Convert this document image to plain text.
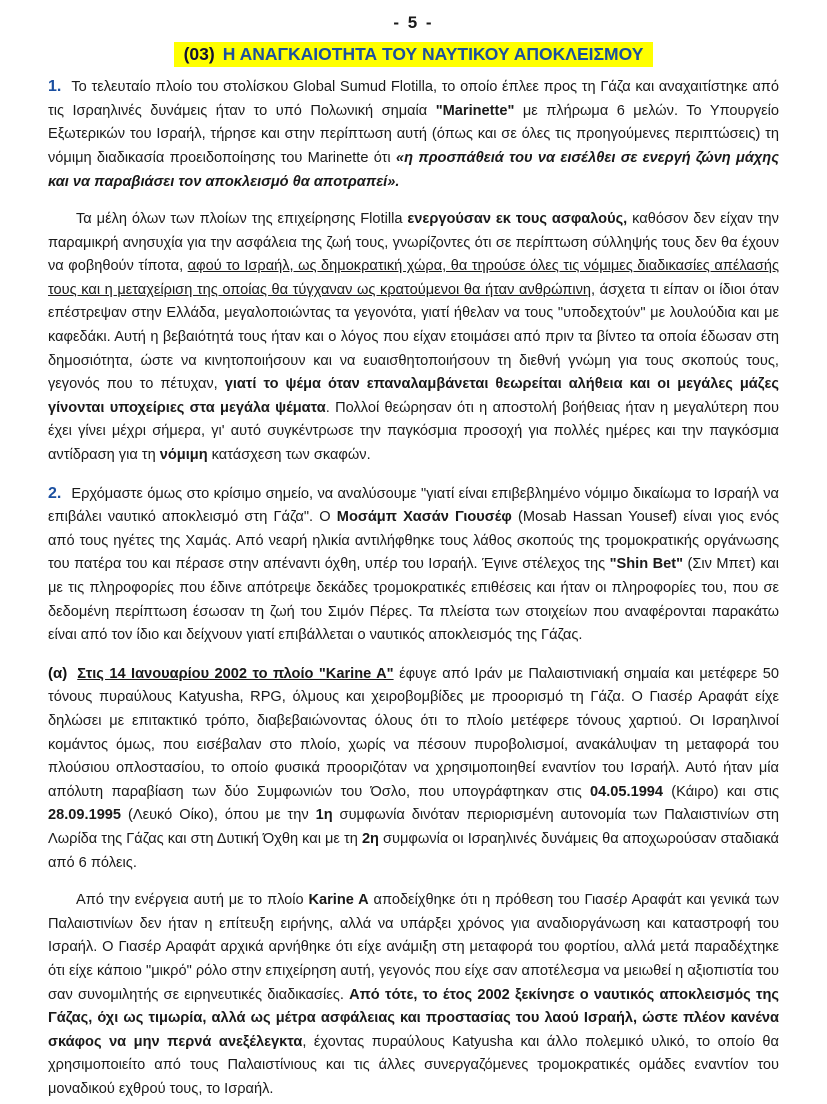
- 5 -
(03) Η ΑΝΑΓΚΑΙΟΤΗΤΑ ΤΟΥ ΝΑΥΤΙΚΟΥ ΑΠΟΚΛΕΙΣΜΟΥ

1. Το τελευταίο πλοίο του στολίσκου Global Sumud Flotilla, το οποίο έπλεε προς τη Γάζα και αναχαιτίστηκε από τις Ισραηλινές δυνάμεις ήταν το υπό Πολωνική σημαία "Marinette" με πλήρωμα 6 μελών. Το Υπουργείο Εξωτερικών του Ισραήλ, τήρησε και στην περίπτωση αυτή (όπως και σε όλες τις προηγούμενες περιπτώσεις) τη νόμιμη διαδικασία προειδοποίησης του Marinette ότι «η προσπάθειά του να εισέλθει σε ενεργή ζώνη μάχης και να παραβιάσει τον αποκλεισμό θα αποτραπεί».

Τα μέλη όλων των πλοίων της επιχείρησης Flotilla ενεργούσαν εκ τους ασφαλούς, καθόσον δεν είχαν την παραμικρή ανησυχία για την ασφάλεια της ζωή τους, γνωρίζοντες ότι σε περίπτωση σύλληψής τους δεν θα έχουν να φοβηθούν τίποτα, αφού το Ισραήλ, ως δημοκρατική χώρα, θα τηρούσε όλες τις νόμιμες διαδικασίες απέλασής τους και η μεταχείριση της οποίας θα τύγχαναν ως κρατούμενοι θα ήταν ανθρώπινη, άσχετα τι είπαν οι ίδιοι όταν επέστρεψαν στην Ελλάδα, μεγαλοποιώντας τα γεγονότα, γιατί ήθελαν να τους "υποδεχτούν" με λουλούδια και με καφεδάκι. Αυτή η βεβαιότητά τους ήταν και ο λόγος που είχαν ετοιμάσει από πριν τα βίντεο τα οποία έδωσαν στη δημοσιότητα, ώστε να κινητοποιήσουν και να ευαισθητοποιήσουν τη διεθνή γνώμη για τους σκοπούς τους, γεγονός που το πέτυχαν, γιατί το ψέμα όταν επαναλαμβάνεται θεωρείται αλήθεια και οι μεγάλες μάζες γίνονται υποχείριες στα μεγάλα ψέματα. Πολλοί θεώρησαν ότι η αποστολή βοήθειας ήταν η μεγαλύτερη που έχει γίνει μέχρι σήμερα, γι' αυτό συγκέντρωσε την παγκόσμια προσοχή για πολλές ημέρες και την παγκόσμια αντίδραση για τη νόμιμη κατάσχεση των σκαφών.

2. Ερχόμαστε όμως στο κρίσιμο σημείο, να αναλύσουμε "γιατί είναι επιβεβλημένο νόμιμο δικαίωμα το Ισραήλ να επιβάλει ναυτικό αποκλεισμό στη Γάζα". Ο Μοσάμπ Χασάν Γιουσέφ (Mosab Hassan Yousef) είναι γιος ενός από τους ηγέτες της Χαμάς. Από νεαρή ηλικία αντιλήφθηκε τους λάθος σκοπούς της τρομοκρατικής οργάνωσης του πατέρα του και πέρασε στην απέναντι όχθη, υπέρ του Ισραήλ. Έγινε στέλεχος της "Shin Bet" (Σιν Μπετ) και με τις πληροφορίες που έδινε απότρεψε δεκάδες τρομοκρατικές επιθέσεις και ήταν οι πληροφορίες του, που σε δεδομένη περίπτωση έσωσαν τη ζωή του Σιμόν Πέρες. Τα πλείστα των στοιχείων που αναφέρονται παρακάτω είναι από τον ίδιο και δείχνουν γιατί επιβάλλεται ο ναυτικός αποκλεισμός της Γάζας.

(α) Στις 14 Ιανουαρίου 2002 το πλοίο "Karine A" έφυγε από Ιράν με Παλαιστινιακή σημαία και μετέφερε 50 τόνους πυραύλους Katyusha, RPG, όλμους και χειροβομβίδες με προορισμό τη Γάζα. Ο Γιασέρ Αραφάτ είχε δηλώσει με επιτακτικό τρόπο, διαβεβαιώνοντας όλους ότι το πλοίο μετέφερε τόνους χαρτιού. Οι Ισραηλινοί κομάντος όμως, που εισέβαλαν στο πλοίο, χωρίς να πέσουν πυροβολισμοί, ανακάλυψαν τη μεταφορά του πλούσιου οπλοστασίου, το οποίο φυσικά προοριζόταν να χρησιμοποιηθεί εναντίον του Ισραήλ. Αυτό ήταν μία απόλυτη παραβίαση των δύο Συμφωνιών του Όσλο, που υπογράφτηκαν στις 04.05.1994 (Κάιρο) και στις 28.09.1995 (Λευκό Οίκο), όπου με την 1η συμφωνία δινόταν περιορισμένη αυτονομία των Παλαιστινίων στη Λωρίδα της Γάζας και στη Δυτική Όχθη και με τη 2η συμφωνία οι Ισραηλινές δυνάμεις θα αποχωρούσαν σταδιακά από 6 πόλεις.

Από την ενέργεια αυτή με το πλοίο Karine A αποδείχθηκε ότι η πρόθεση του Γιασέρ Αραφάτ και γενικά των Παλαιστινίων δεν ήταν η επίτευξη ειρήνης, αλλά να υπάρξει χρόνος για αναδιοργάνωση και καταστροφή του Ισραήλ. Ο Γιασέρ Αραφάτ αρχικά αρνήθηκε ότι είχε ανάμιξη στη μεταφορά του φορτίου, αλλά μετά παραδέχτηκε ότι είχε κάποιο "μικρό" ρόλο στην επιχείρηση αυτή, γεγονός που είχε σαν αποτέλεσμα να μειωθεί η αξιοπιστία του σαν συνομιλητής σε ειρηνευτικές διαδικασίες. Από τότε, το έτος 2002 ξεκίνησε ο ναυτικός αποκλεισμός της Γάζας, όχι ως τιμωρία, αλλά ως μέτρα ασφάλειας και προστασίας του λαού Ισραήλ, ώστε πλέον κανένα σκάφος να μην περνά ανεξέλεγκτα, έχοντας πυραύλους Katyusha και άλλο πολεμικό υλικό, το οποίο θα χρησιμοποιείτο από τους Παλαιστίνιους και τις άλλες συνεργαζόμενες τρομοκρατικές ομάδες εναντίον του μοναδικού εχθρού τους, το Ισραήλ.
